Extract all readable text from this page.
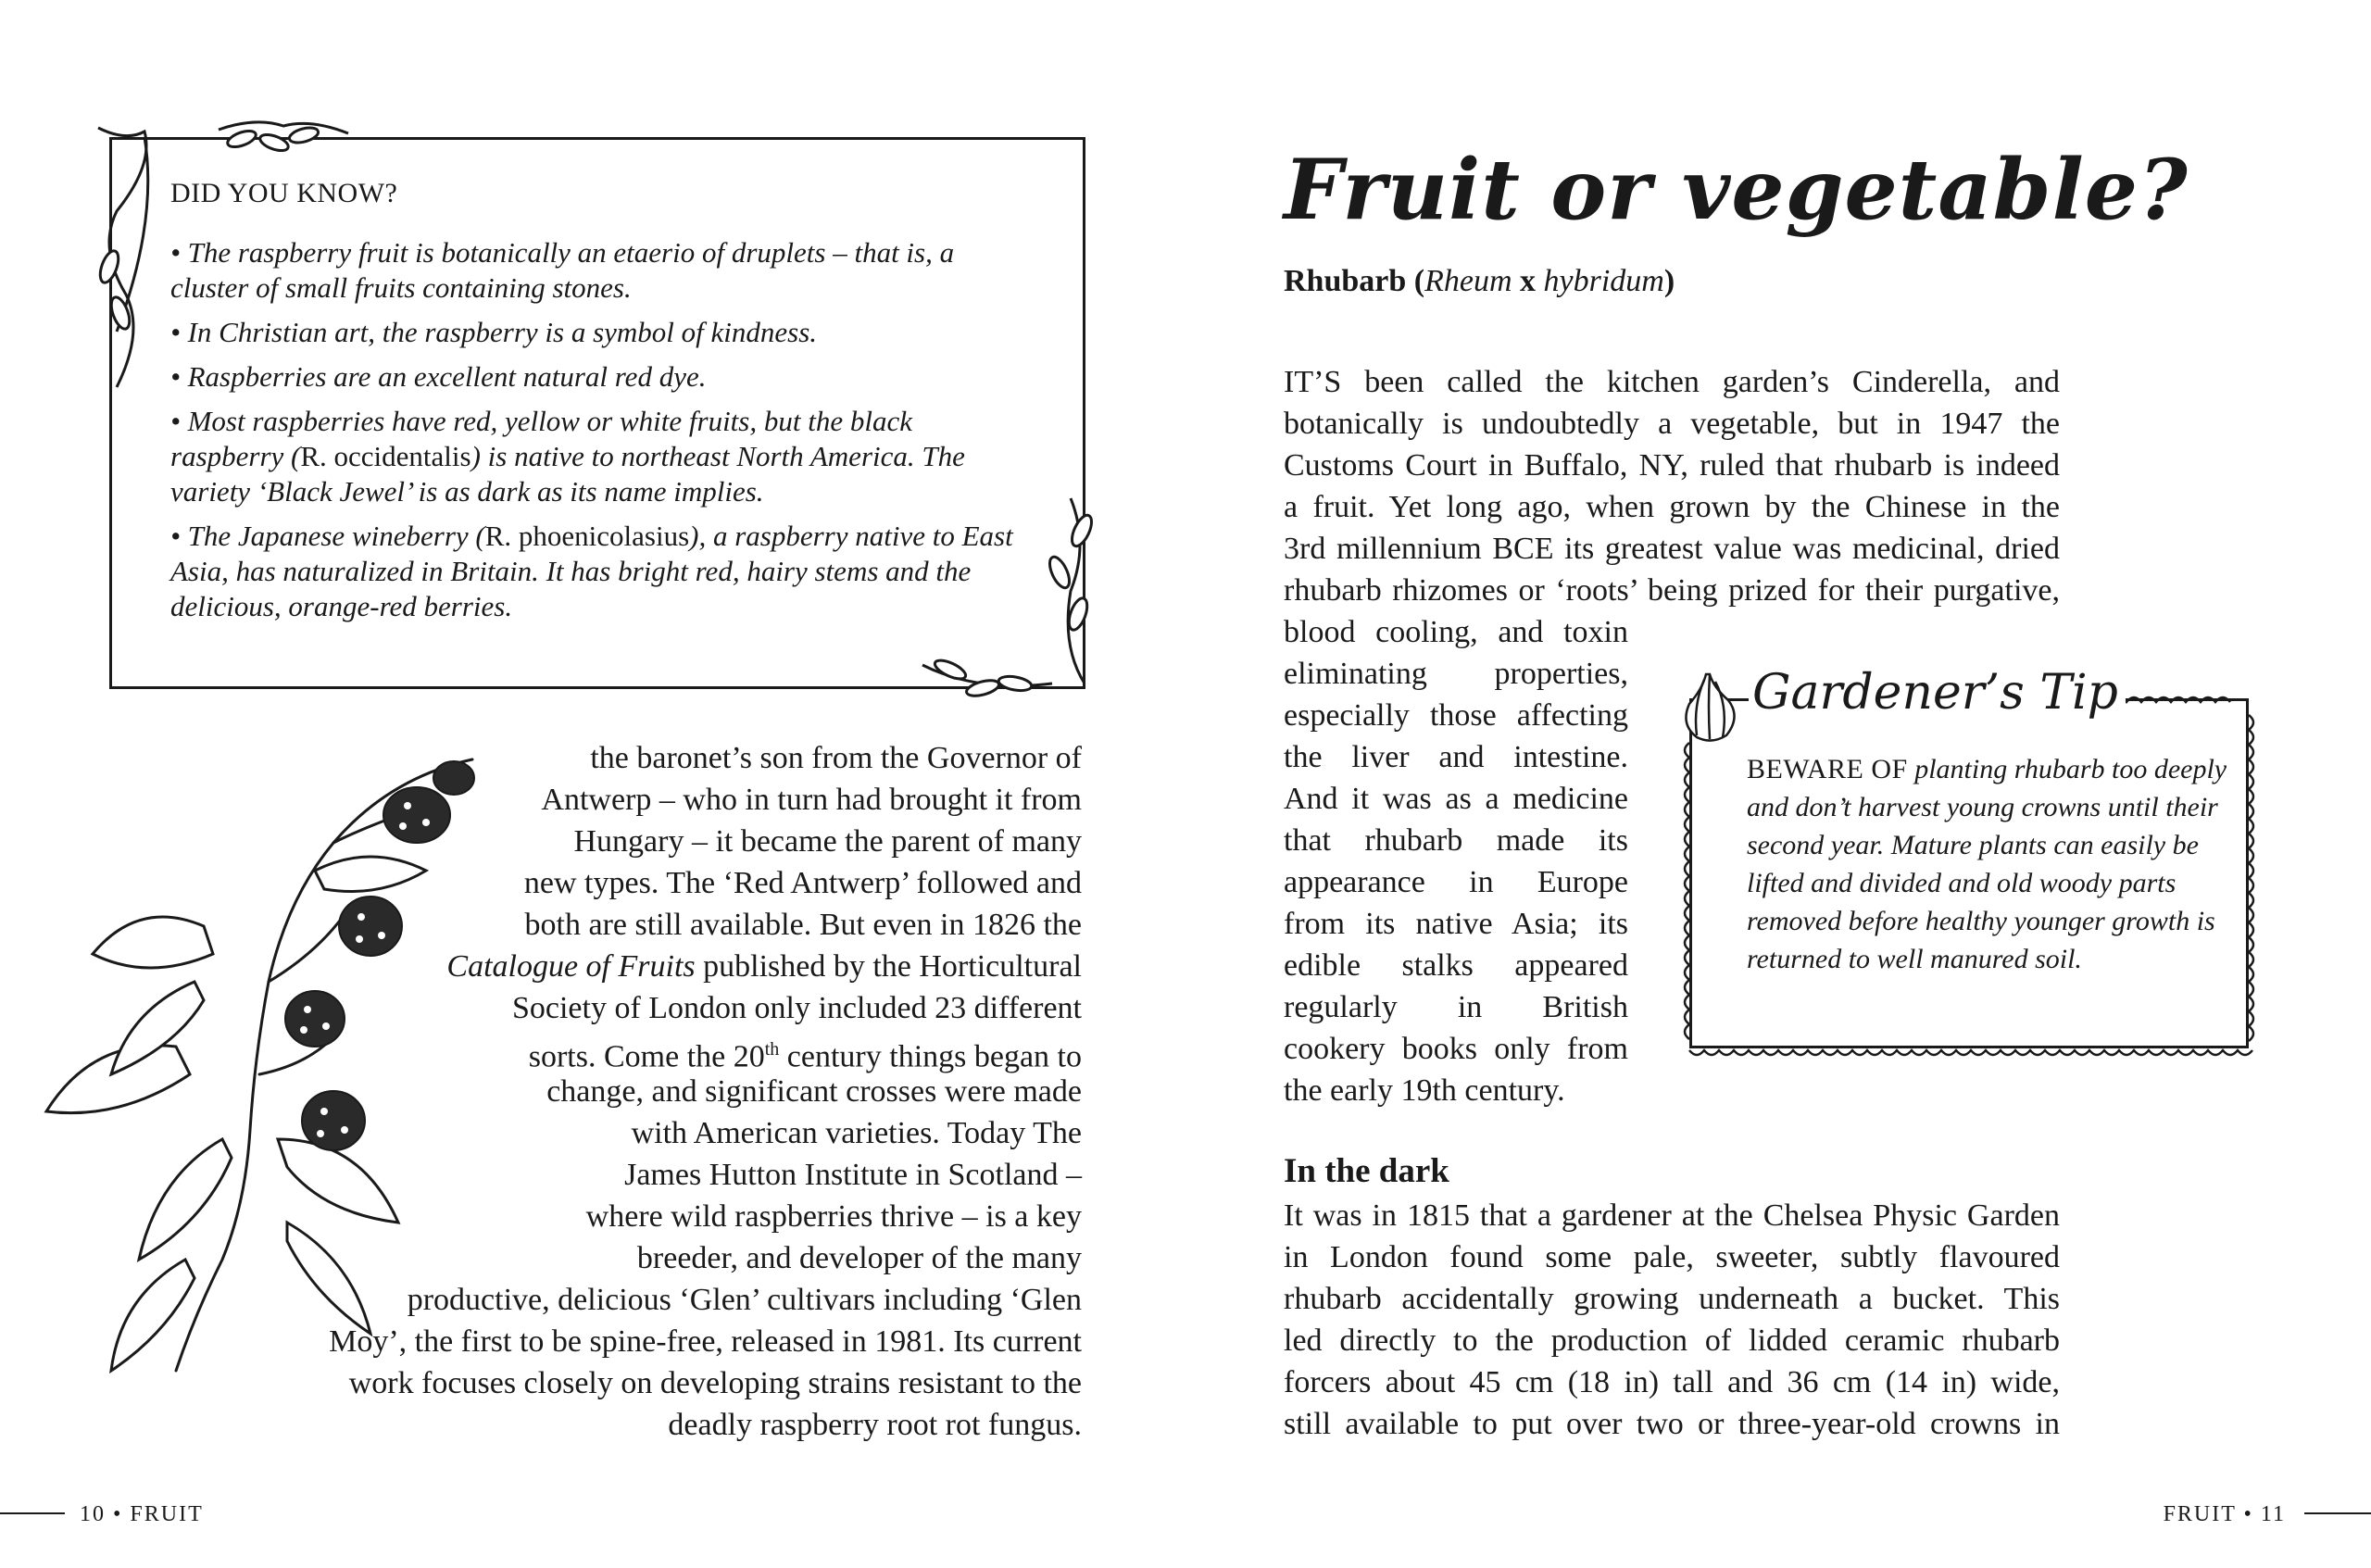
DID YOU KNOW?
• The raspberry fruit is botanically an etaerio of druplets – that is, a cluster of small fruits containing stones.
• In Christian art, the raspberry is a symbol of kindness.
• Raspberries are an excellent natural red dye.
• Most raspberries have red, yellow or white fruits, but the black raspberry (R. occidentalis) is native to northeast North America. The variety ‘Black Jewel’ is as dark as its name implies.
• The Japanese wineberry (R. phoenicolasius), a raspberry native to East Asia, has naturalized in Britain. It has bright red, hairy stems and the delicious, orange-red berries.
the baronet’s son from the Governor of
Antwerp – who in turn had brought it from
Hungary – it became the parent of many
new types. The ‘Red Antwerp’ followed and
both are still available. But even in 1826 the
Catalogue of Fruits published by the Horticultural
Society of London only included 23 different
sorts. Come the 20th century things began to
change, and significant crosses were made
with American varieties. Today The
James Hutton Institute in Scotland –
where wild raspberries thrive – is a key
breeder, and developer of the many
productive, delicious ‘Glen’ cultivars including ‘Glen
Moy’, the first to be spine-free, released in 1981. Its current
work focuses closely on developing strains resistant to the
deadly raspberry root rot fungus.
10 • FRUIT
Fruit or vegetable?
Rhubarb (Rheum x hybridum)
IT’S been called the kitchen garden’s Cinderella, and
botanically is undoubtedly a vegetable, but in 1947 the
Customs Court in Buffalo, NY, ruled that rhubarb is indeed
a fruit. Yet long ago, when grown by the Chinese in the
3rd millennium BCE its greatest value was medicinal, dried
rhubarb rhizomes or ‘roots’ being prized for their purgative,
blood cooling, and toxin
eliminating properties,
especially those affecting
the liver and intestine.
And it was as a medicine
that rhubarb made its
appearance in Europe
from its native Asia; its
edible stalks appeared
regularly in British
cookery books only from
the early 19th century.
In the dark
It was in 1815 that a gardener at the Chelsea Physic Garden
in London found some pale, sweeter, subtly flavoured
rhubarb accidentally growing underneath a bucket. This
led directly to the production of lidded ceramic rhubarb
forcers about 45 cm (18 in) tall and 36 cm (14 in) wide,
still available to put over two or three-year-old crowns in
Gardener’s Tip
BEWARE OF planting rhubarb too deeply and don’t harvest young crowns until their second year. Mature plants can easily be lifted and divided and old woody parts removed before healthy younger growth is returned to well manured soil.
FRUIT • 11
